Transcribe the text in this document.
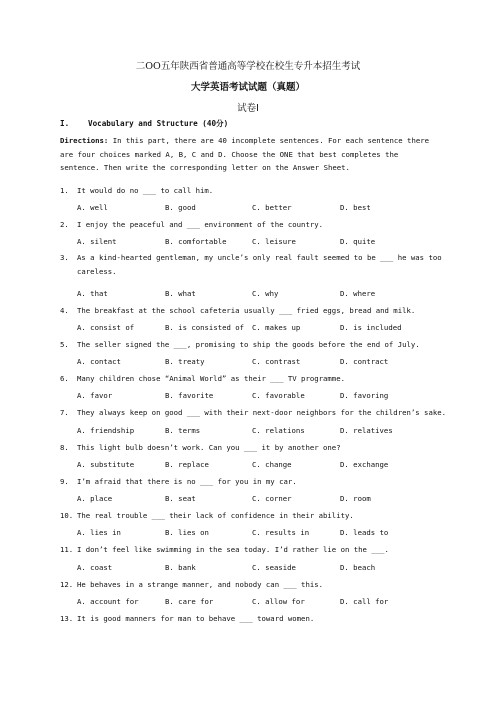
二OO五年陕西省普通高等学校在校生专升本招生考试
大学英语考试试题（真题）
试卷Ⅰ
I. Vocabulary and Structure (40分)
Directions: In this part, there are 40 incomplete sentences. For each sentence there are four choices marked A, B, C and D. Choose the ONE that best completes the sentence. Then write the corresponding letter on the Answer Sheet.
1. It would do no ___ to call him.
A. well	B. good	C. better	D. best
2. I enjoy the peaceful and ___ environment of the country.
A. silent	B. comfortable	C. leisure	D. quite
3.	As a kind-hearted gentleman, my uncle’s only real fault seemed to be ___ he was too careless.
A. that	B. what	C. why	D. where
4. The breakfast at the school cafeteria usually ___ fried eggs, bread and milk.
A. consist of	B. is consisted of C. makes up	D. is included
5. The seller signed the ___, promising to ship the goods before the end of July.
A. contact	B. treaty	C. contrast	D. contract
6. Many children chose “Animal World” as their ___ TV programme.
A. favor	B. favorite	C. favorable	D. favoring
7. They always keep on good ___ with their next-door neighbors for the children’s sake.
A. friendship	B. terms	C. relations	D. relatives
8. This light bulb doesn’t work. Can you ___ it by another one?
A. substitute	B. replace	C. change	D. exchange
9. I’m afraid that there is no ___ for you in my car.
A. place	B. seat	C. corner	D. room
10. The real trouble ___ their lack of confidence in their ability.
A. lies in	B. lies on	C. results in	D. leads to
11. I don’t feel like swimming in the sea today. I’d rather lie on the ___.
A. coast	B. bank	C. seaside	D. beach
12. He behaves in a strange manner, and nobody can ___ this.
A. account for	B. care for	C. allow for	D. call for
13. It is good manners for man to behave ___ toward women.
